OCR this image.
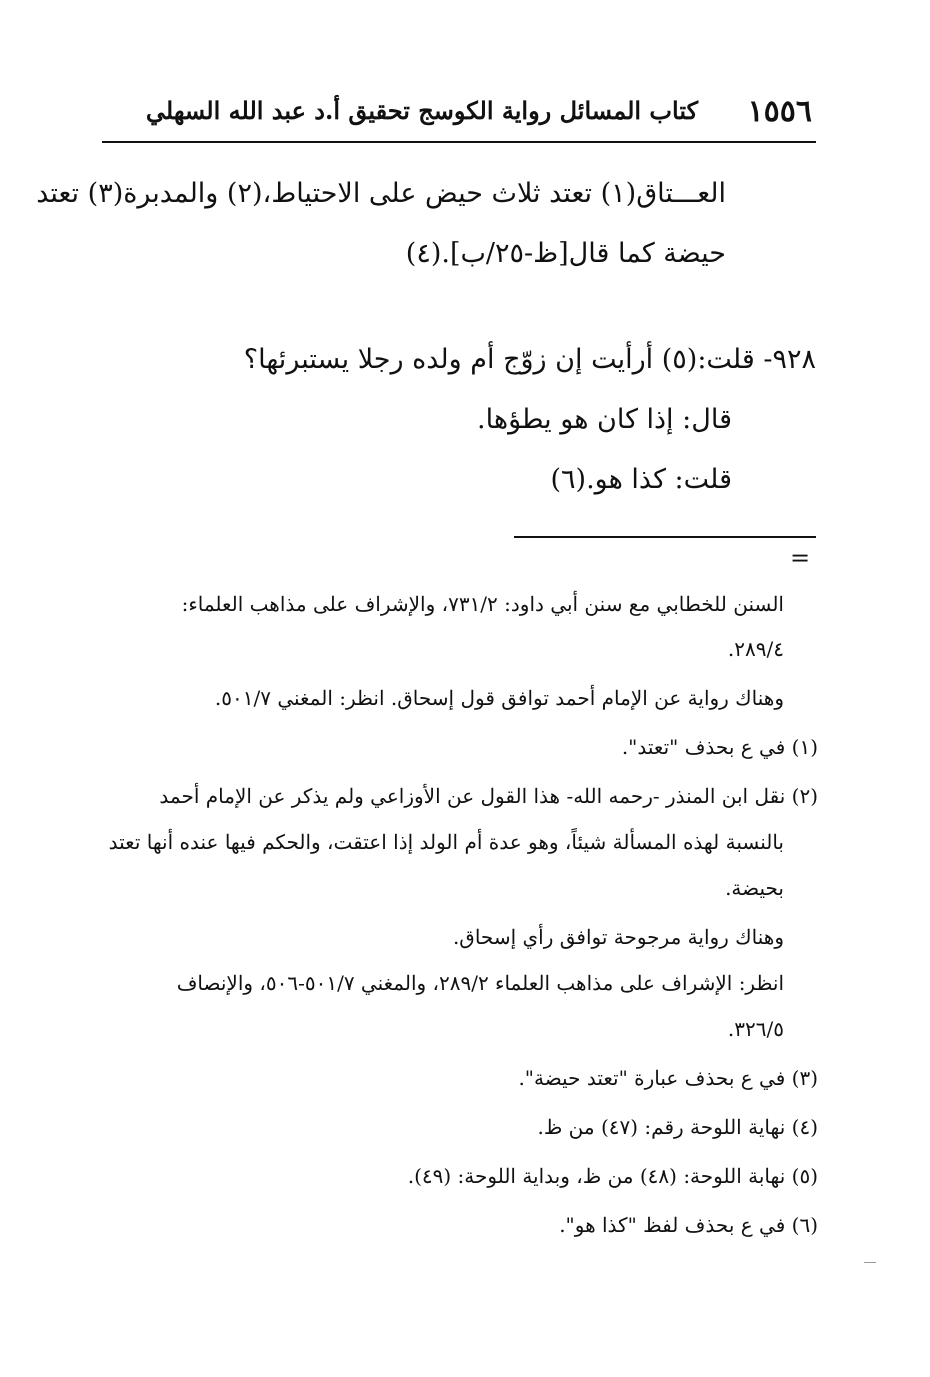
١٥٥٦
كتاب المسائل رواية الكوسج تحقيق أ.د عبد الله السهلي
العـــتاق(١) تعتد ثلاث حيض على الاحتياط،(٢) والمدبرة(٣) تعتد
حيضة كما قال[ظ-٢٥/ب].(٤)
٩٢٨- قلت:(٥) أرأيت إن زوّج أم ولده رجلا يستبرئها؟
قال: إذا كان هو يطؤها.
قلت: كذا هو.(٦)
=
السنن للخطابي مع سنن أبي داود: ٧٣١/٢، والإشراف على مذاهب العلماء:
٢٨٩/٤.
وهناك رواية عن الإمام أحمد توافق قول إسحاق. انظر: المغني ٥٠١/٧.
(١) في ع بحذف "تعتد".
(٢) نقل ابن المنذر -رحمه الله- هذا القول عن الأوزاعي ولم يذكر عن الإمام أحمد
بالنسبة لهذه المسألة شيئاً، وهو عدة أم الولد إذا اعتقت، والحكم فيها عنده أنها تعتد
بحيضة.
وهناك رواية مرجوحة توافق رأي إسحاق.
انظر: الإشراف على مذاهب العلماء ٢٨٩/٢، والمغني ٥٠١/٧-٥٠٦، والإنصاف
٣٢٦/٥.
(٣) في ع بحذف عبارة "تعتد حيضة".
(٤) نهاية اللوحة رقم: (٤٧) من ظ.
(٥) نهابة اللوحة: (٤٨) من ظ، وبداية اللوحة: (٤٩).
(٦) في ع بحذف لفظ "كذا هو".
